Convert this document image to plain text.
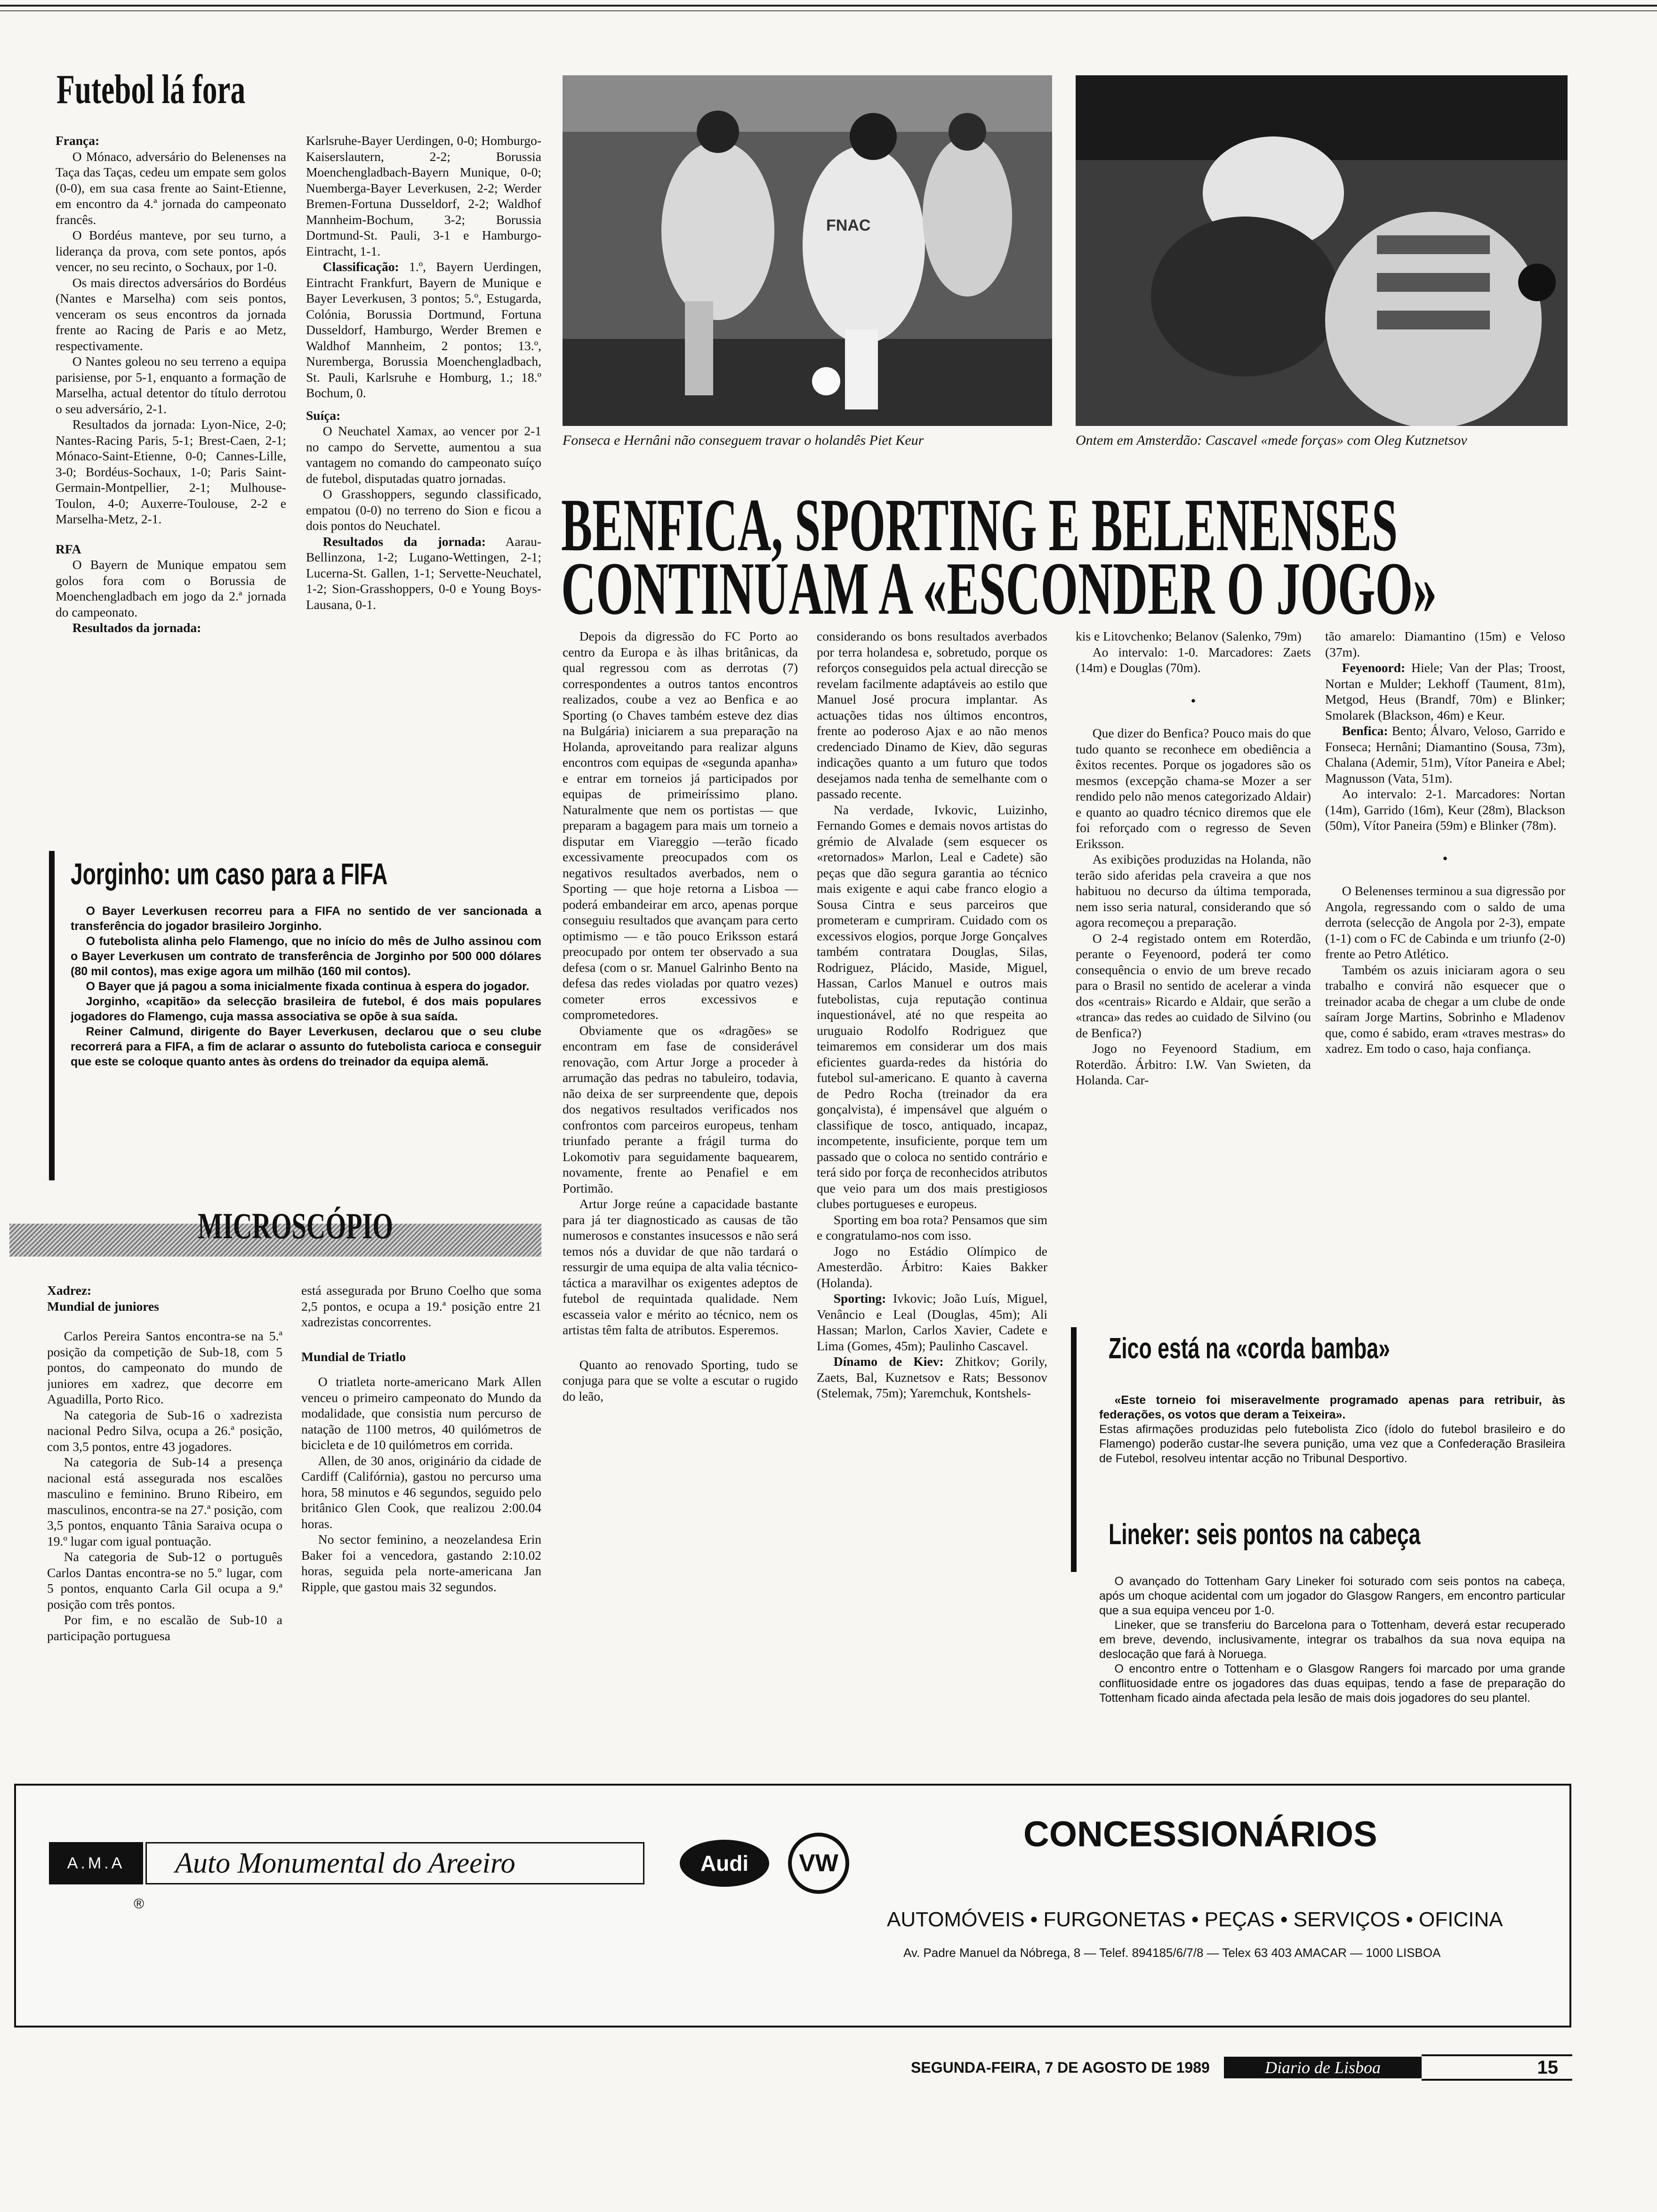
Futebol lá fora

França:

O Mónaco, adversário do Belenenses na Taça das Taças, cedeu um empate sem golos (0-0), em sua casa frente ao Saint-Etienne, em encontro da 4.ª jornada do campeonato francês.

O Bordéus manteve, por seu turno, a liderança da prova, com sete pontos, após vencer, no seu recinto, o Sochaux, por 1-0.

Os mais directos adversários do Bordéus (Nantes e Marselha) com seis pontos, venceram os seus encontros da jornada frente ao Racing de Paris e ao Metz, respectivamente.

O Nantes goleou no seu terreno a equipa parisiense, por 5-1, enquanto a formação de Marselha, actual detentor do título derrotou o seu adversário, 2-1.

Resultados da jornada: Lyon-Nice, 2-0; Nantes-Racing Paris, 5-1; Brest-Caen, 2-1; Mónaco-Saint-Etienne, 0-0; Cannes-Lille, 3-0; Bordéus-Sochaux, 1-0; Paris Saint-Germain-Montpellier, 2-1; Mulhouse-Toulon, 4-0; Auxerre-Toulouse, 2-2 e Marselha-Metz, 2-1.

RFA

O Bayern de Munique empatou sem golos fora com o Borussia de Moenchengladbach em jogo da 2.ª jornada do campeonato.

Resultados da jornada:

Karlsruhe-Bayer Uerdingen, 0-0; Homburgo-Kaiserslautern, 2-2; Borussia Moenchengladbach-Bayern Munique, 0-0; Nuemberga-Bayer Leverkusen, 2-2; Werder Bremen-Fortuna Dusseldorf, 2-2; Waldhof Mannheim-Bochum, 3-2; Borussia Dortmund-St. Pauli, 3-1 e Hamburgo-Eintracht, 1-1.

Classificação: 1.º, Bayern Uerdingen, Eintracht Frankfurt, Bayern de Munique e Bayer Leverkusen, 3 pontos; 5.º, Estugarda, Colónia, Borussia Dortmund, Fortuna Dusseldorf, Hamburgo, Werder Bremen e Waldhof Mannheim, 2 pontos; 13.º, Nuremberga, Borussia Moenchengladbach, St. Pauli, Karlsruhe e Homburg, 1.; 18.º Bochum, 0.

Suíça:

O Neuchatel Xamax, ao vencer por 2-1 no campo do Servette, aumentou a sua vantagem no comando do campeonato suíço de futebol, disputadas quatro jornadas.

O Grasshoppers, segundo classificado, empatou (0-0) no terreno do Sion e ficou a dois pontos do Neuchatel.

Resultados da jornada: Aarau-Bellinzona, 1-2; Lugano-Wettingen, 2-1; Lucerna-St. Gallen, 1-1; Servette-Neuchatel, 1-2; Sion-Grasshoppers, 0-0 e Young Boys-Lausana, 0-1.

Jorginho: um caso para a FIFA

O Bayer Leverkusen recorreu para a FIFA no sentido de ver sancionada a transferência do jogador brasileiro Jorginho.

O futebolista alinha pelo Flamengo, que no início do mês de Julho assinou com o Bayer Leverkusen um contrato de transferência de Jorginho por 500 000 dólares (80 mil contos), mas exige agora um milhão (160 mil contos).

O Bayer que já pagou a soma inicialmente fixada continua à espera do jogador.

Jorginho, «capitão» da selecção brasileira de futebol, é dos mais populares jogadores do Flamengo, cuja massa associativa se opõe à sua saída.

Reiner Calmund, dirigente do Bayer Leverkusen, declarou que o seu clube recorrerá para a FIFA, a fim de aclarar o assunto do futebolista carioca e conseguir que este se coloque quanto antes às ordens do treinador da equipa alemã.

MICROSCÓPIO

Xadrez:

Mundial de juniores

Carlos Pereira Santos encontra-se na 5.ª posição da competição de Sub-18, com 5 pontos, do campeonato do mundo de juniores em xadrez, que decorre em Aguadilla, Porto Rico.

Na categoria de Sub-16 o xadrezista nacional Pedro Silva, ocupa a 26.ª posição, com 3,5 pontos, entre 43 jogadores.

Na categoria de Sub-14 a presença nacional está assegurada nos escalões masculino e feminino. Bruno Ribeiro, em masculinos, encontra-se na 27.ª posição, com 3,5 pontos, enquanto Tânia Saraiva ocupa o 19.º lugar com igual pontuação.

Na categoria de Sub-12 o português Carlos Dantas encontra-se no 5.º lugar, com 5 pontos, enquanto Carla Gil ocupa a 9.ª posição com três pontos.

Por fim, e no escalão de Sub-10 a participação portuguesa

está assegurada por Bruno Coelho que soma 2,5 pontos, e ocupa a 19.ª posição entre 21 xadrezistas concorrentes.

Mundial de Triatlo

O triatleta norte-americano Mark Allen venceu o primeiro campeonato do Mundo da modalidade, que consistia num percurso de natação de 1100 metros, 40 quilómetros de bicicleta e de 10 quilómetros em corrida.

Allen, de 30 anos, originário da cidade de Cardiff (Califórnia), gastou no percurso uma hora, 58 minutos e 46 segundos, seguido pelo britânico Glen Cook, que realizou 2:00.04 horas.

No sector feminino, a neozelandesa Erin Baker foi a vencedora, gastando 2:10.02 horas, seguida pela norte-americana Jan Ripple, que gastou mais 32 segundos.

FNAC
Fonseca e Hernâni não conseguem travar o holandês Piet Keur	Ontem em Amsterdão: Cascavel «mede forças» com Oleg Kutznetsov
BENFICA, SPORTING E BELENENSES
CONTINUAM A «ESCONDER O JOGO»

Depois da digressão do FC Porto ao centro da Europa e às ilhas britânicas, da qual regressou com as derrotas (7) correspondentes a outros tantos encontros realizados, coube a vez ao Benfica e ao Sporting (o Chaves também esteve dez dias na Bulgária) iniciarem a sua preparação na Holanda, aproveitando para realizar alguns encontros com equipas de «segunda apanha» e entrar em torneios já participados por equipas de primeiríssimo plano. Naturalmente que nem os portistas — que preparam a bagagem para mais um torneio a disputar em Viareggio —terão ficado excessivamente preocupados com os negativos resultados averbados, nem o Sporting — que hoje retorna a Lisboa — poderá embandeirar em arco, apenas porque conseguiu resultados que avançam para certo optimismo — e tão pouco Eriksson estará preocupado por ontem ter observado a sua defesa (com o sr. Manuel Galrinho Bento na defesa das redes violadas por quatro vezes) cometer erros excessivos e comprometedores.

Obviamente que os «dragões» se encontram em fase de considerável renovação, com Artur Jorge a proceder à arrumação das pedras no tabuleiro, todavia, não deixa de ser surpreendente que, depois dos negativos resultados verificados nos confrontos com parceiros europeus, tenham triunfado perante a frágil turma do Lokomotiv para seguidamente baquearem, novamente, frente ao Penafiel e em Portimão.

Artur Jorge reúne a capacidade bastante para já ter diagnosticado as causas de tão numerosos e constantes insucessos e não será temos nós a duvidar de que não tardará o ressurgir de uma equipa de alta valia técnico-táctica a maravilhar os exigentes adeptos de futebol de requintada qualidade. Nem escasseia valor e mérito ao técnico, nem os artistas têm falta de atributos. Esperemos.

Quanto ao renovado Sporting, tudo se conjuga para que se volte a escutar o rugido do leão,

considerando os bons resultados averbados por terra holandesa e, sobretudo, porque os reforços conseguidos pela actual direcção se revelam facilmente adaptáveis ao estilo que Manuel José procura implantar. As actuações tidas nos últimos encontros, frente ao poderoso Ajax e ao não menos credenciado Dinamo de Kiev, dão seguras indicações quanto a um futuro que todos desejamos nada tenha de semelhante com o passado recente.

Na verdade, Ivkovic, Luizinho, Fernando Gomes e demais novos artistas do grémio de Alvalade (sem esquecer os «retornados» Marlon, Leal e Cadete) são peças que dão segura garantia ao técnico mais exigente e aqui cabe franco elogio a Sousa Cintra e seus parceiros que prometeram e cumpriram. Cuidado com os excessivos elogios, porque Jorge Gonçalves também contratara Douglas, Silas, Rodriguez, Plácido, Maside, Miguel, Hassan, Carlos Manuel e outros mais futebolistas, cuja reputação continua inquestionável, até no que respeita ao uruguaio Rodolfo Rodriguez que teimaremos em considerar um dos mais eficientes guarda-redes da história do futebol sul-americano. E quanto à caverna de Pedro Rocha (treinador da era gonçalvista), é impensável que alguém o classifique de tosco, antiquado, incapaz, incompetente, insuficiente, porque tem um passado que o coloca no sentido contrário e terá sido por força de reconhecidos atributos que veio para um dos mais prestigiosos clubes portugueses e europeus.

Sporting em boa rota? Pensamos que sim e congratulamo-nos com isso.

Jogo no Estádio Olímpico de Amesterdão. Árbitro: Kaies Bakker (Holanda).

Sporting: Ivkovic; João Luís, Miguel, Venâncio e Leal (Douglas, 45m); Ali Hassan; Marlon, Carlos Xavier, Cadete e Lima (Gomes, 45m); Paulinho Cascavel.

Dínamo de Kiev: Zhitkov; Gorily, Zaets, Bal, Kuznetsov e Rats; Bessonov (Stelemak, 75m); Yaremchuk, Kontshels-

kis e Litovchenko; Belanov (Salenko, 79m)

Ao intervalo: 1-0. Marcadores: Zaets (14m) e Douglas (70m).

•

Que dizer do Benfica? Pouco mais do que tudo quanto se reconhece em obediência a êxitos recentes. Porque os jogadores são os mesmos (excepção chama-se Mozer a ser rendido pelo não menos categorizado Aldair) e quanto ao quadro técnico diremos que ele foi reforçado com o regresso de Seven Eriksson.

As exibições produzidas na Holanda, não terão sido aferidas pela craveira a que nos habituou no decurso da última temporada, nem isso seria natural, considerando que só agora recomeçou a preparação.

O 2-4 registado ontem em Roterdão, perante o Feyenoord, poderá ter como consequência o envio de um breve recado para o Brasil no sentido de acelerar a vinda dos «centrais» Ricardo e Aldair, que serão a «tranca» das redes ao cuidado de Silvino (ou de Benfica?)

Jogo no Feyenoord Stadium, em Roterdão. Árbitro: I.W. Van Swieten, da Holanda. Car-

tão amarelo: Diamantino (15m) e Veloso (37m).

Feyenoord: Hiele; Van der Plas; Troost, Nortan e Mulder; Lekhoff (Taument, 81m), Metgod, Heus (Brandf, 70m) e Blinker; Smolarek (Blackson, 46m) e Keur.

Benfica: Bento; Álvaro, Veloso, Garrido e Fonseca; Hernâni; Diamantino (Sousa, 73m), Chalana (Ademir, 51m), Vítor Paneira e Abel; Magnusson (Vata, 51m).

Ao intervalo: 2-1. Marcadores: Nortan (14m), Garrido (16m), Keur (28m), Blackson (50m), Vítor Paneira (59m) e Blinker (78m).

•

O Belenenses terminou a sua digressão por Angola, regressando com o saldo de uma derrota (selecção de Angola por 2-3), empate (1-1) com o FC de Cabinda e um triunfo (2-0) frente ao Petro Atlético.

Também os azuis iniciaram agora o seu trabalho e convirá não esquecer que o treinador acaba de chegar a um clube de onde saíram Jorge Martins, Sobrinho e Mladenov que, como é sabido, eram «traves mestras» do xadrez. Em todo o caso, haja confiança.

Zico está na «corda bamba»

«Este torneio foi miseravelmente programado apenas para retribuir, às federações, os votos que deram a Teixeira».

Estas afirmações produzidas pelo futebolista Zico (ídolo do futebol brasileiro e do Flamengo) poderão custar-lhe severa punição, uma vez que a Confederação Brasileira de Futebol, resolveu intentar acção no Tribunal Desportivo.

Lineker: seis pontos na cabeça

O avançado do Tottenham Gary Lineker foi soturado com seis pontos na cabeça, após um choque acidental com um jogador do Glasgow Rangers, em encontro particular que a sua equipa venceu por 1-0.

Lineker, que se transferiu do Barcelona para o Tottenham, deverá estar recuperado em breve, devendo, inclusivamente, integrar os trabalhos da sua nova equipa na deslocação que fará à Noruega.

O encontro entre o Tottenham e o Glasgow Rangers foi marcado por uma grande conflituosidade entre os jogadores das duas equipas, tendo a fase de preparação do Tottenham ficado ainda afectada pela lesão de mais dois jogadores do seu plantel.

A.M.A	Auto Monumental do Areeiro
®
Audi	VW
CONCESSIONÁRIOS
AUTOMÓVEIS • FURGONETAS • PEÇAS • SERVIÇOS • OFICINA
Av. Padre Manuel da Nóbrega, 8 — Telef. 894185/6/7/8 — Telex 63 403 AMACAR — 1000 LISBOA
SEGUNDA-FEIRA, 7 DE AGOSTO DE 1989	Diario de Lisboa	15
